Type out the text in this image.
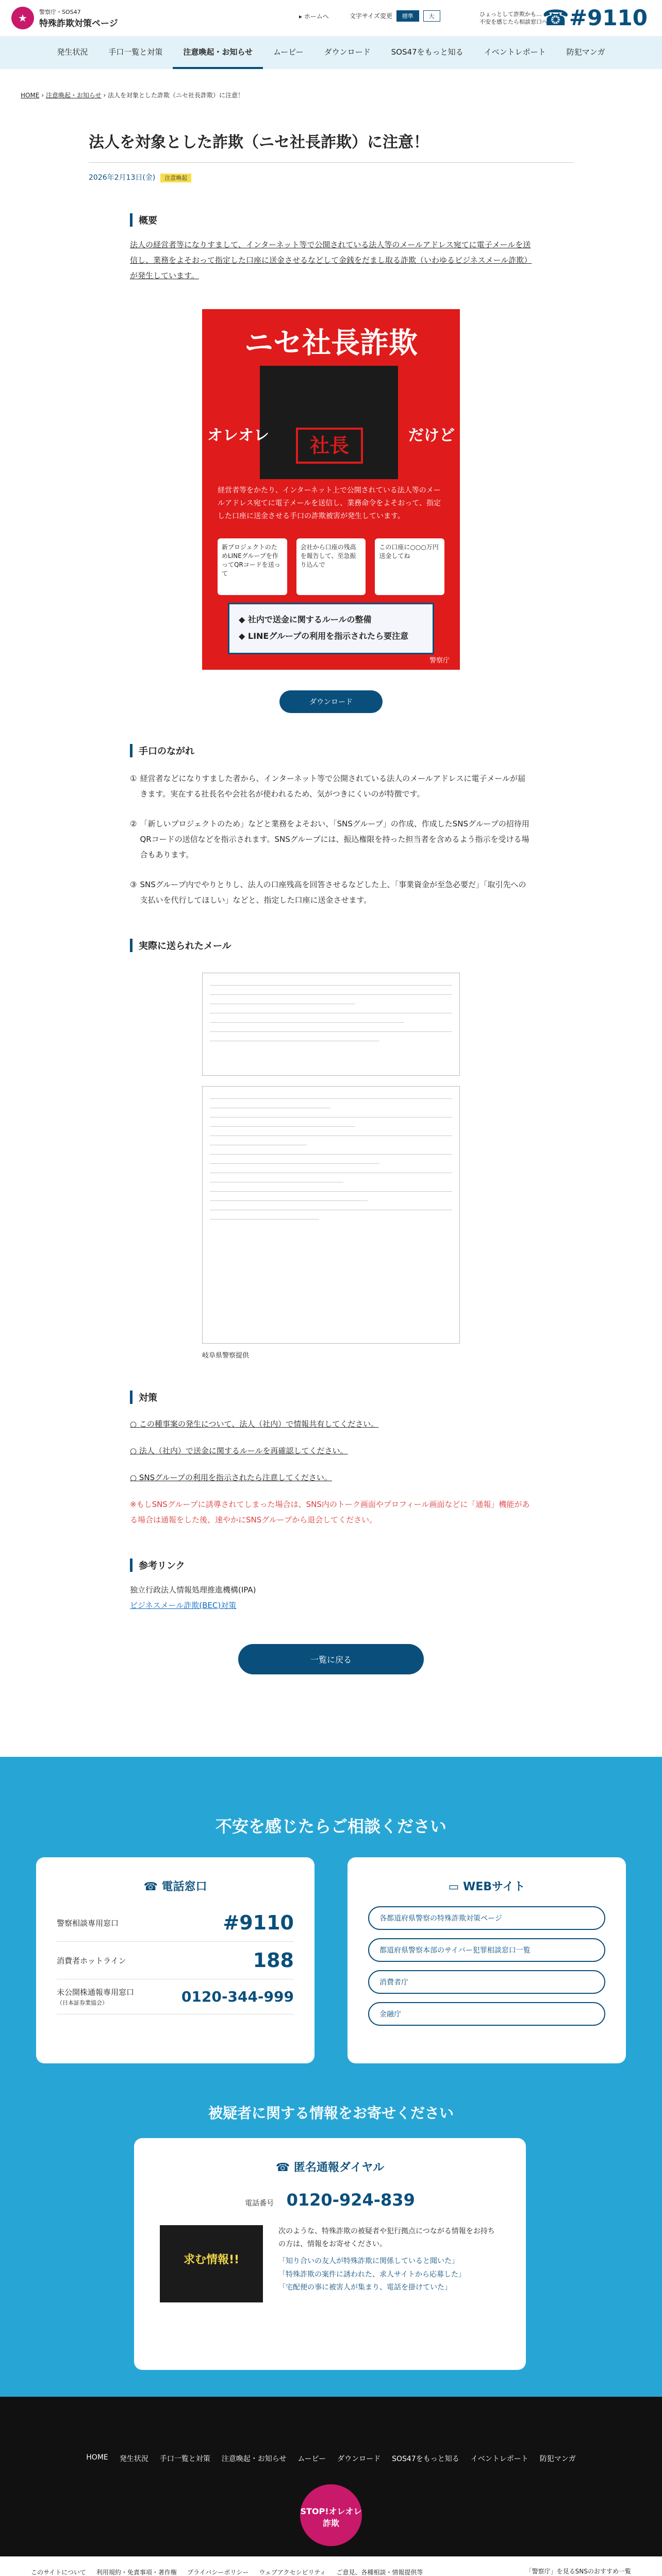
★	警察庁・SOS47
特殊詐欺対策ページ
▸ ホームへ	文字サイズ変更 標準	大	ひょっとして詐欺かも…
不安を感じたら相談窓口へ
☎#9110
発生状況	手口一覧と対策	注意喚起・お知らせ	ムービー	ダウンロード	SOS47をもっと知る	イベントレポート	防犯マンガ
HOME › 注意喚起・お知らせ › 法人を対象とした詐欺（ニセ社長詐欺）に注意！
法人を対象とした詐欺（ニセ社長詐欺）に注意！
2026年2月13日(金) 注意喚起
概要
法人の経営者等になりすまして、インターネット等で公開されている法人等のメールアドレス宛てに電子メールを送信し、業務をよそおって指定した口座に送金させるなどして金銭をだまし取る詐欺（いわゆるビジネスメール詐欺）が発生しています。
ニセ社長詐欺
社長
オレオレ	だけど
経営者等をかたり、インターネット上で公開されている法人等のメールアドレス宛てに電子メールを送信し、業務命令をよそおって、指定した口座に送金させる手口の詐欺被害が発生しています。
新プロジェクトのためLINEグループを作ってQRコードを送って
会社から口座の残高を報告して、至急振り込んで
この口座に○○○万円送金してね
◆ 社内で送金に関するルールの整備
◆ LINEグループの利用を指示されたら要注意
警察庁
ダウンロード
手口のながれ
① 経営者などになりすました者から、インターネット等で公開されている法人のメールアドレスに電子メールが届きます。実在する社長名や会社名が使われるため、気がつきにくいのが特徴です。
② 「新しいプロジェクトのため」などと業務をよそおい、「SNSグループ」の作成、作成したSNSグループの招待用QRコードの送信などを指示されます。SNSグループには、振込権限を持った担当者を含めるよう指示を受ける場合もあります。
③ SNSグループ内でやりとりし、法人の口座残高を回答させるなどした上、「事業資金が至急必要だ」「取引先への支払いを代行してほしい」などと、指定した口座に送金させます。
実際に送られたメール
岐阜県警察提供
対策
○ この種事案の発生について、法人（社内）で情報共有してください。
○ 法人（社内）で送金に関するルールを再確認してください。
○ SNSグループの利用を指示されたら注意してください。
※もしSNSグループに誘導されてしまった場合は、SNS内のトーク画面やプロフィール画面などに「通報」機能がある場合は通報をした後、速やかにSNSグループから退会してください。
参考リンク
独立行政法人情報処理推進機構(IPA)
ビジネスメール詐欺(BEC)対策
一覧に戻る
不安を感じたらご相談ください
☎ 電話窓口
警察相談専用窓口	#9110
消費者ホットライン	188
未公開株通報専用窓口
（日本証券業協会）	0120-344-999
▭ WEBサイト
各都道府県警察の特殊詐欺対策ページ
都道府県警察本部のサイバー犯罪相談窓口一覧
消費者庁
金融庁
被疑者に関する情報をお寄せください
☎ 匿名通報ダイヤル
電話番号 0120-924-839
求む情報!!
次のような、特殊詐欺の被疑者や犯行拠点につながる情報をお持ちの方は、情報をお寄せください。
「知り合いの友人が特殊詐欺に関係していると聞いた」
「特殊詐欺の案件に誘われた、求人サイトから応募した」
「宅配便の事に被害人が集まり、電話を掛けていた」
HOME 発生状況 手口一覧と対策 注意喚起・お知らせ ムービー ダウンロード SOS47をもっと知る イベントレポート 防犯マンガ
STOP!オレオレ詐欺
このサイトについて 利用規約・免責事項・著作権 プライバシーポリシー ウェブアクセシビリティ ご意見、各種相談・情報提供等	「警察庁」を見るSNSのおすすめ一覧
